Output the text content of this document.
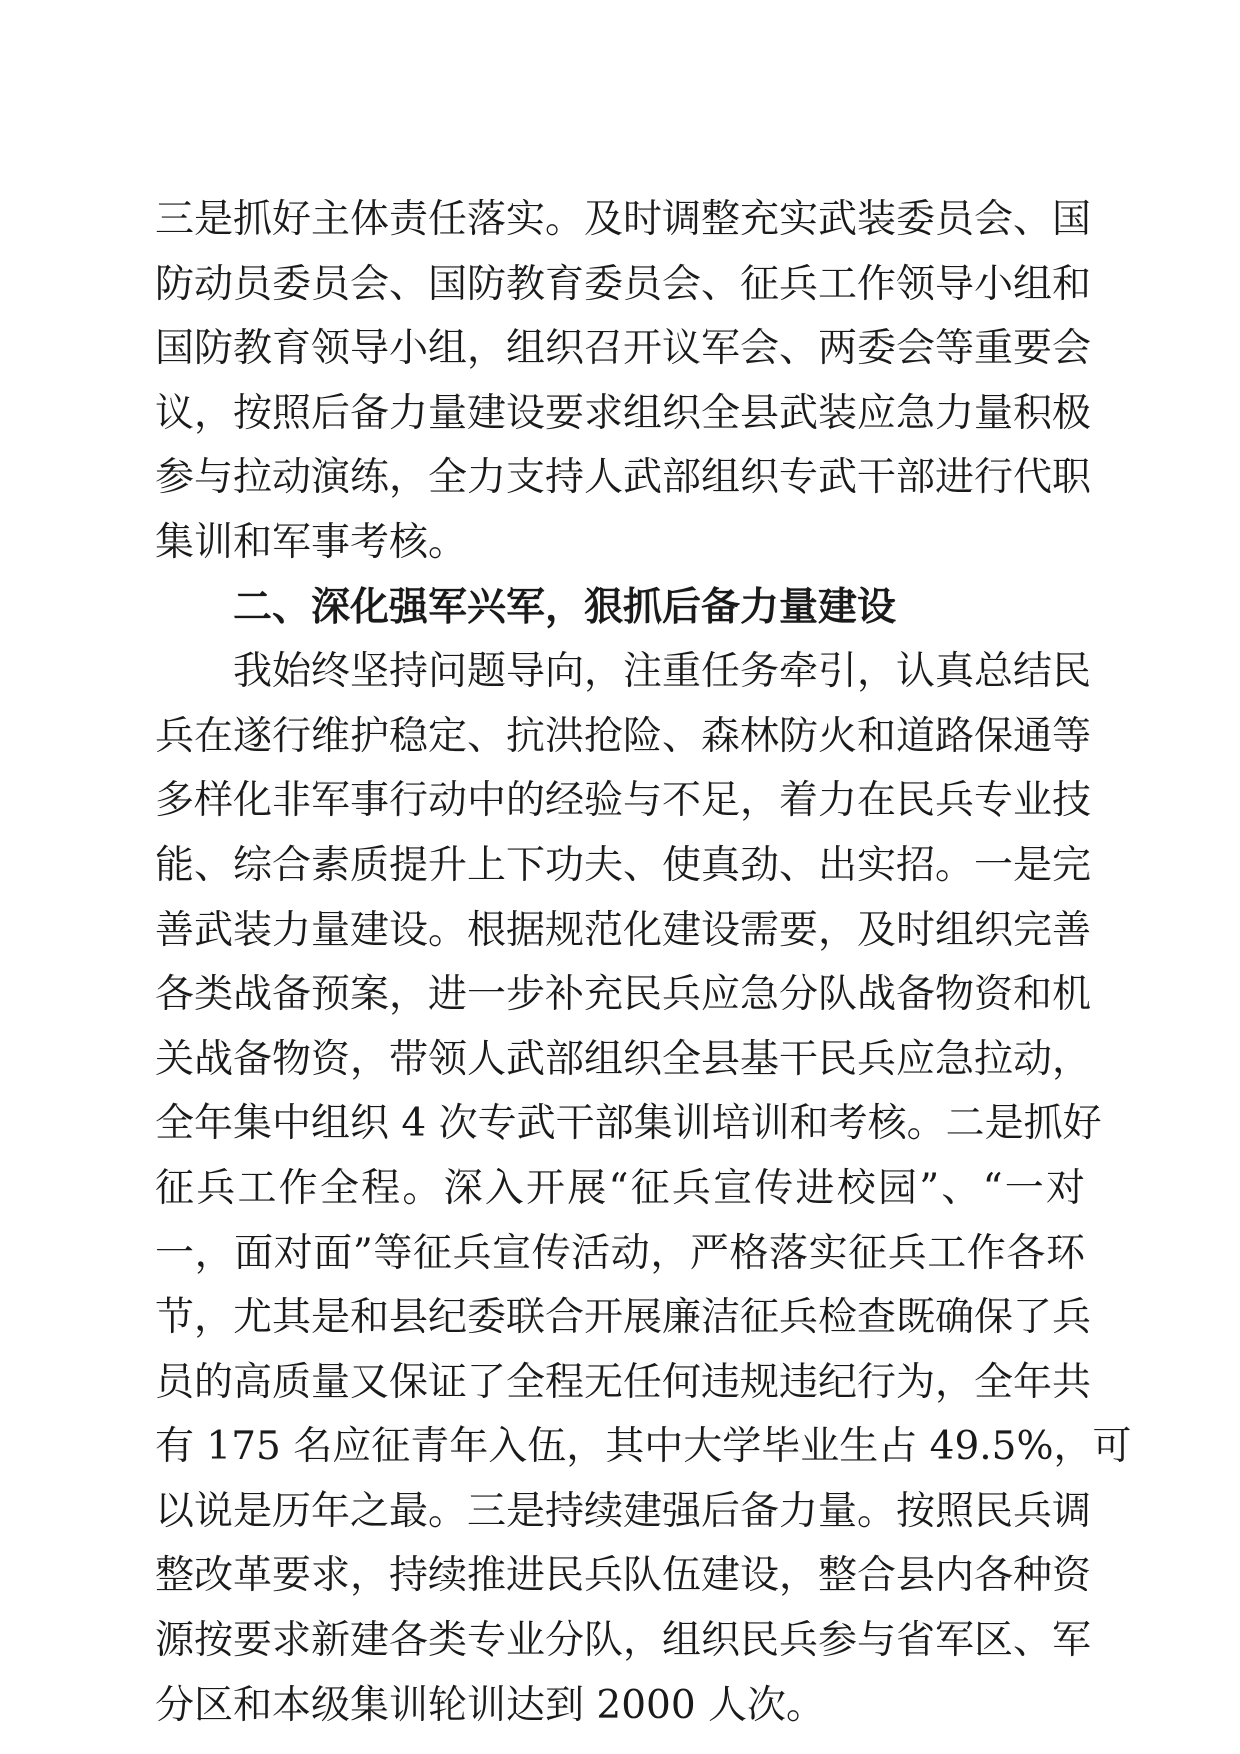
三是抓好主体责任落实。及时调整充实武装委员会、国
防动员委员会、国防教育委员会、征兵工作领导小组和
国防教育领导小组，组织召开议军会、两委会等重要会
议，按照后备力量建设要求组织全县武装应急力量积极
参与拉动演练，全力支持人武部组织专武干部进行代职
集训和军事考核。
二、深化强军兴军，狠抓后备力量建设
我始终坚持问题导向，注重任务牵引，认真总结民
兵在遂行维护稳定、抗洪抢险、森林防火和道路保通等
多样化非军事行动中的经验与不足，着力在民兵专业技
能、综合素质提升上下功夫、使真劲、出实招。一是完
善武装力量建设。根据规范化建设需要，及时组织完善
各类战备预案，进一步补充民兵应急分队战备物资和机
关战备物资，带领人武部组织全县基干民兵应急拉动，
全年集中组织 4 次专武干部集训培训和考核。二是抓好
征兵工作全程。深入开展“征兵宣传进校园”、“一对
一，面对面”等征兵宣传活动，严格落实征兵工作各环
节，尤其是和县纪委联合开展廉洁征兵检查既确保了兵
员的高质量又保证了全程无任何违规违纪行为，全年共
有 175 名应征青年入伍，其中大学毕业生占 49.5%，可
以说是历年之最。三是持续建强后备力量。按照民兵调
整改革要求，持续推进民兵队伍建设，整合县内各种资
源按要求新建各类专业分队，组织民兵参与省军区、军
分区和本级集训轮训达到 2000 人次。
